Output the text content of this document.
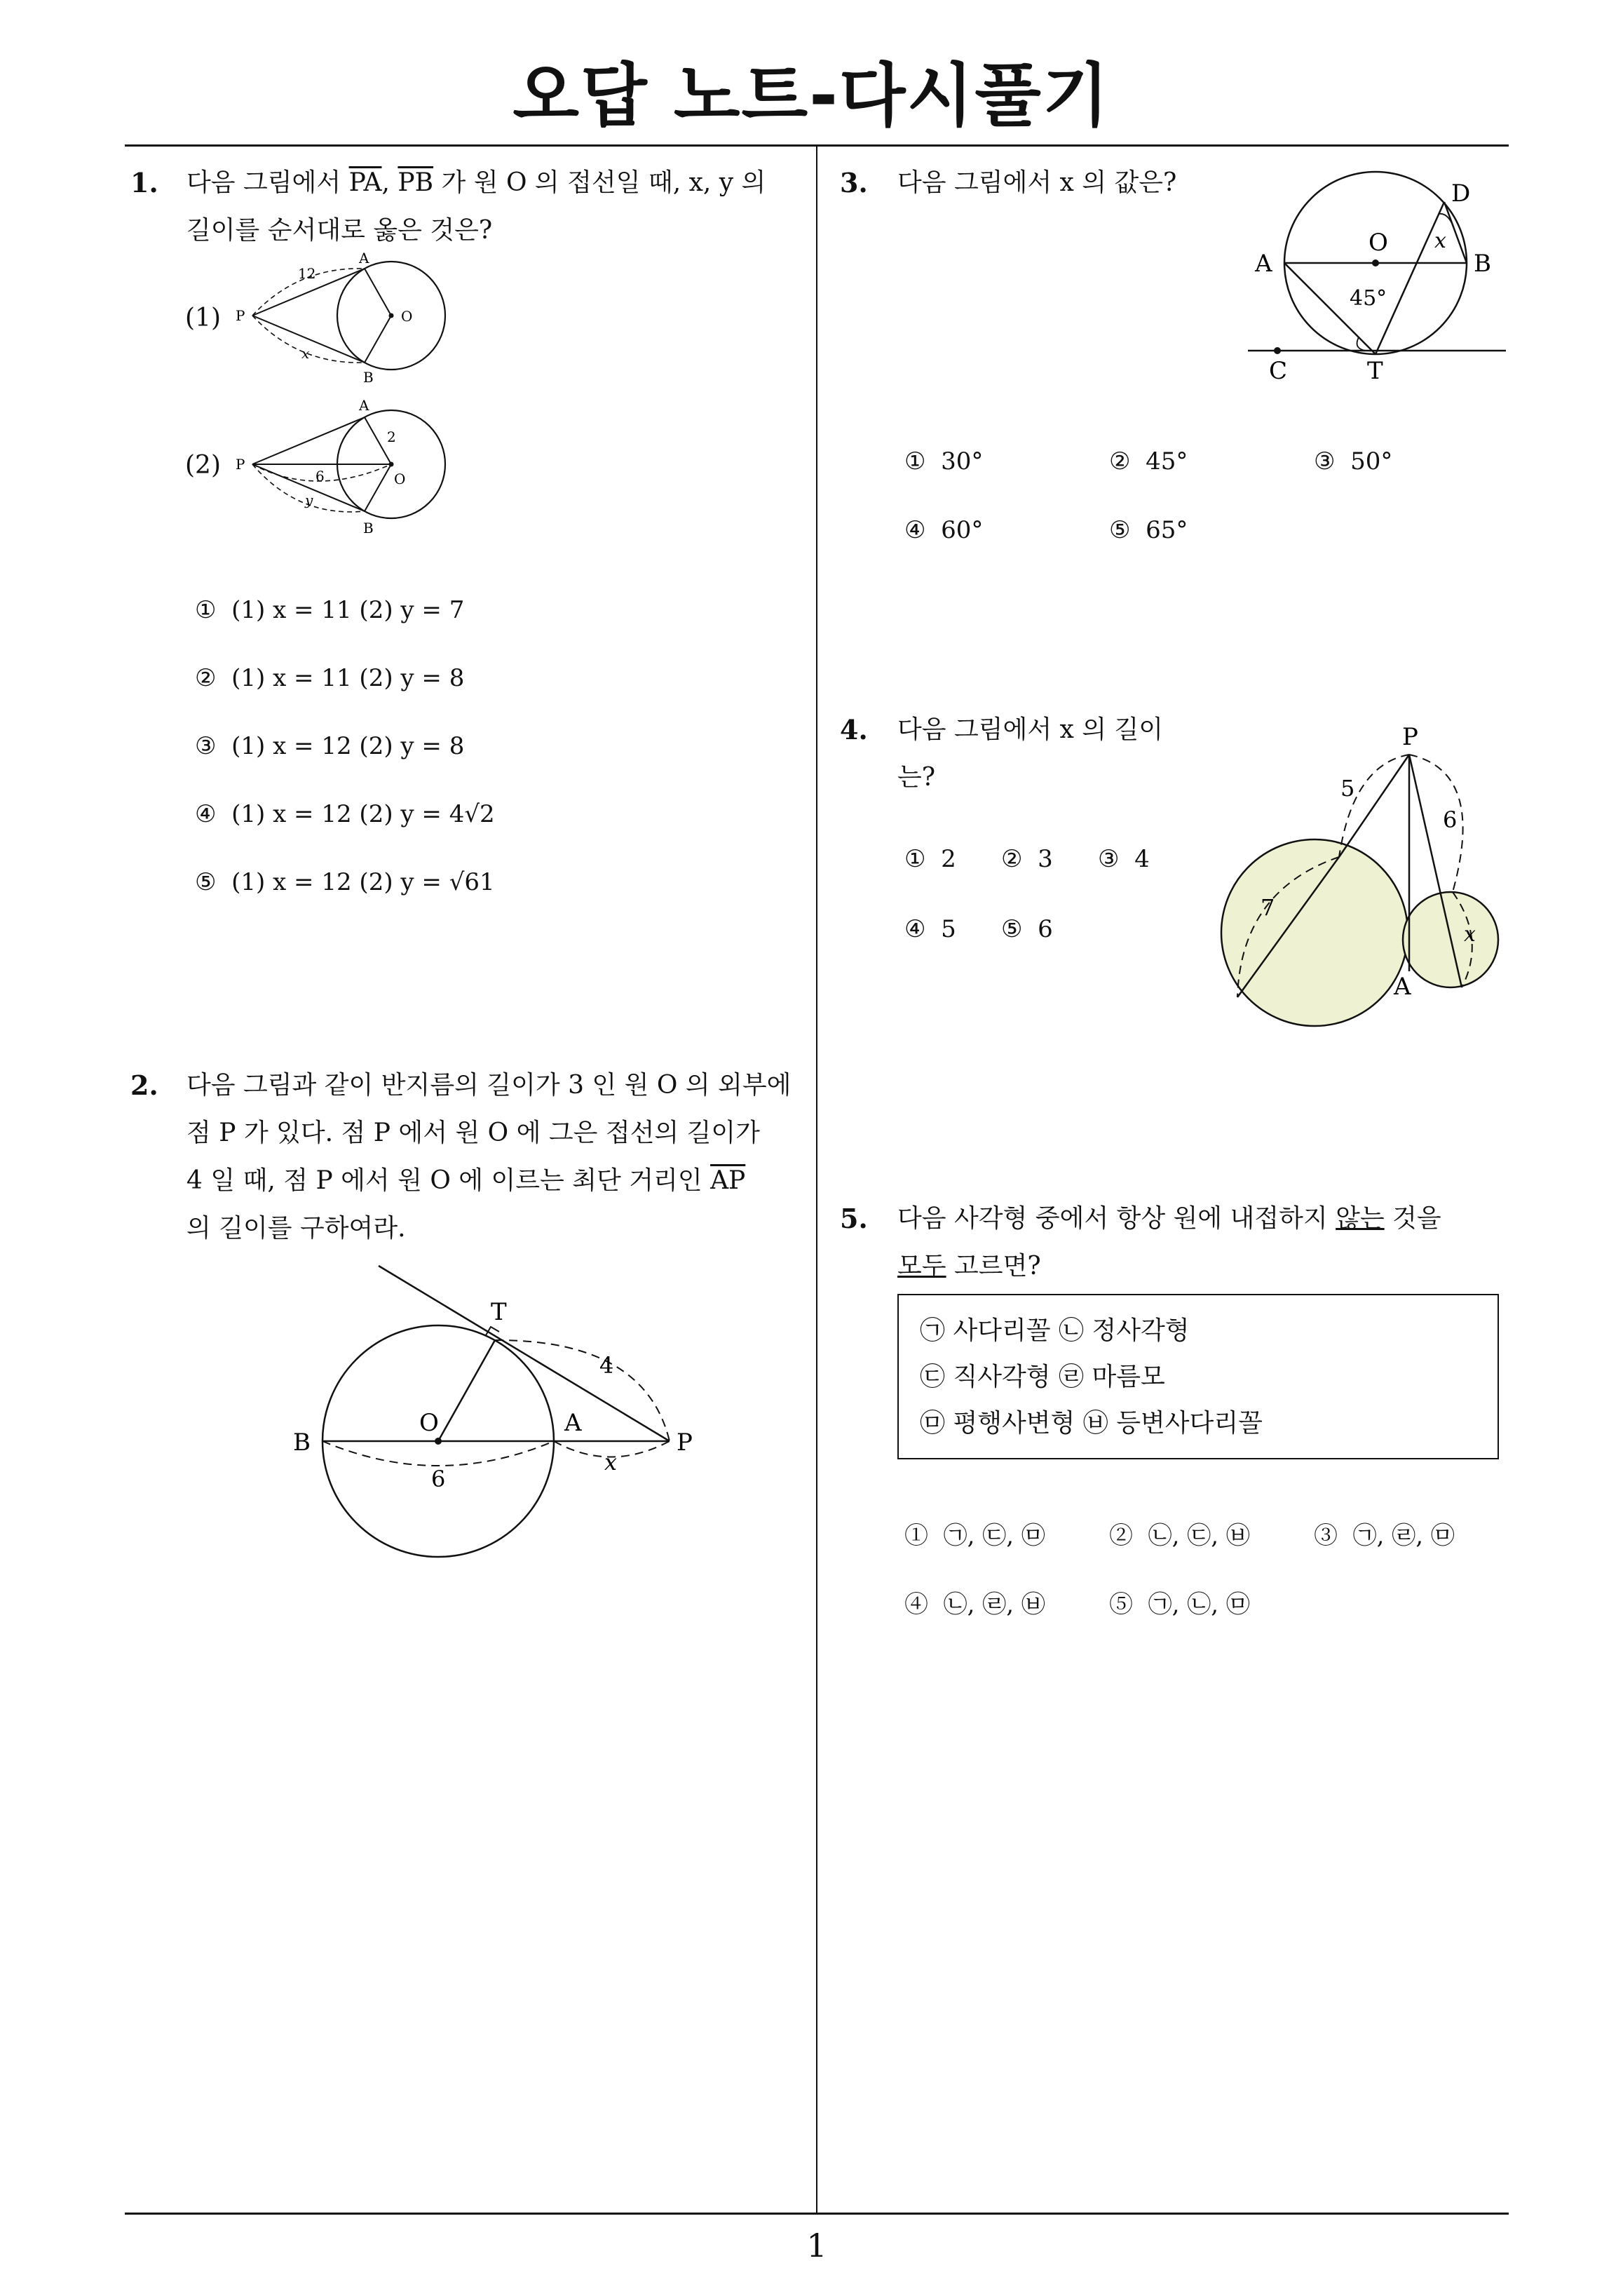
오답 노트-다시풀기
1
1. 다음 그림에서 $\overline{PA}$, $\overline{PB}$ 가 원 O 의 접선일 때, x, y 의
길이를 순서대로 옳은 것은?
(1) P
A
B
O
12
x
(2) P
A
B
O
2
6
y
① (1) x = 11 (2) y = 7
② (1) x = 11 (2) y = 8
③ (1) x = 12 (2) y = 8
④ (1) x = 12 (2) y = 4√2
⑤ (1) x = 12 (2) y = √61
2. 다음 그림과 같이 반지름의 길이가 3 인 원 O 의 외부에
점 P 가 있다. 점 P 에서 원 O 에 그은 접선의 길이가
4 일 때, 점 P 에서 원 O 에 이르는 최단 거리인 $\overline{AP}$
의 길이를 구하여라.
T
O	A
B	P
4
6
x
3. 다음 그림에서 x 의 값은?
A	B
D
O
T
C
45°
x
① 30°	② 45°	③ 50°
④ 60°	⑤ 65°
4. 다음 그림에서 x 의 길이
는?
① 2 ② 3 ③ 4
④ 5 ⑤ 6
P
A
5
6
7
x
5. 다음 사각형 중에서 항상 원에 내접하지 않는 것을
모두 고르면?
㉠ 사다리꼴 ㉡ 정사각형
㉢ 직사각형 ㉣ 마름모
㉤ 평행사변형 ㉥ 등변사다리꼴
① ㉠, ㉢, ㉤	② ㉡, ㉢, ㉥	③ ㉠, ㉣, ㉤
④ ㉡, ㉣, ㉥	⑤ ㉠, ㉡, ㉤
